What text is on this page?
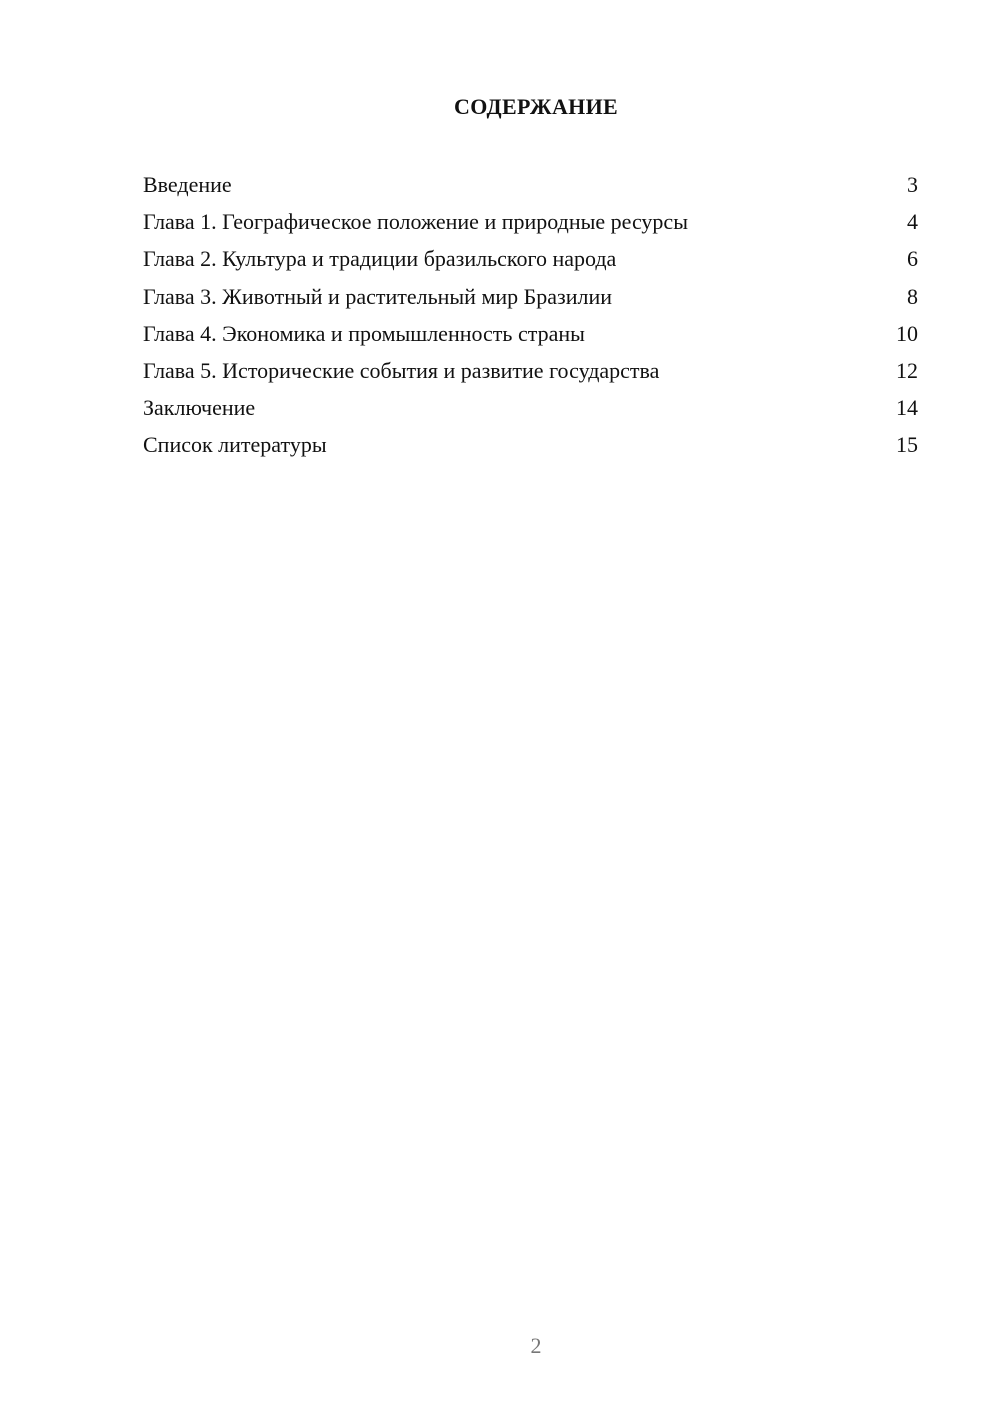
СОДЕРЖАНИЕ
Введение	3
Глава 1. Географическое положение и природные ресурсы	4
Глава 2. Культура и традиции бразильского народа	6
Глава 3. Животный и растительный мир Бразилии	8
Глава 4. Экономика и промышленность страны	10
Глава 5. Исторические события и развитие государства	12
Заключение	14
Список литературы	15
2
